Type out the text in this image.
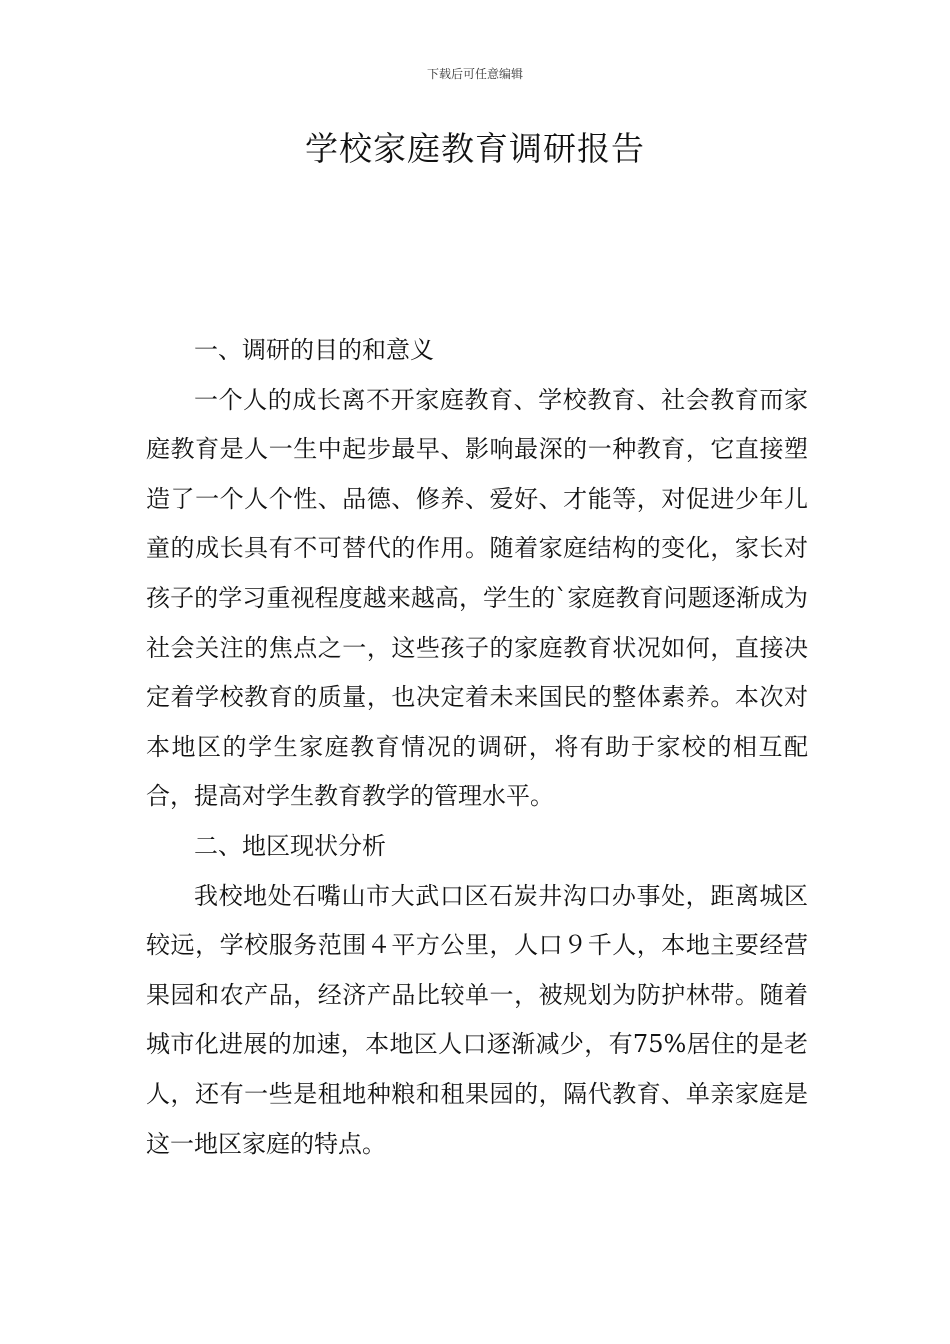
下载后可任意编辑
学校家庭教育调研报告

一、调研的目的和意义

一个人的成长离不开家庭教育、学校教育、社会教育而家庭教育是人一生中起步最早、影响最深的一种教育，它直接塑造了一个人个性、品德、修养、爱好、才能等，对促进少年儿童的成长具有不可替代的作用。随着家庭结构的变化，家长对孩子的学习重视程度越来越高，学生的`家庭教育问题逐渐成为社会关注的焦点之一，这些孩子的家庭教育状况如何，直接决定着学校教育的质量，也决定着未来国民的整体素养。本次对本地区的学生家庭教育情况的调研，将有助于家校的相互配合，提高对学生教育教学的管理水平。

二、地区现状分析

我校地处石嘴山市大武口区石炭井沟口办事处，距离城区较远，学校服务范围４平方公里，人口９千人，本地主要经营果园和农产品，经济产品比较单一，被规划为防护林带。随着城市化进展的加速，本地区人口逐渐减少，有75%居住的是老人，还有一些是租地种粮和租果园的，隔代教育、单亲家庭是这一地区家庭的特点。
